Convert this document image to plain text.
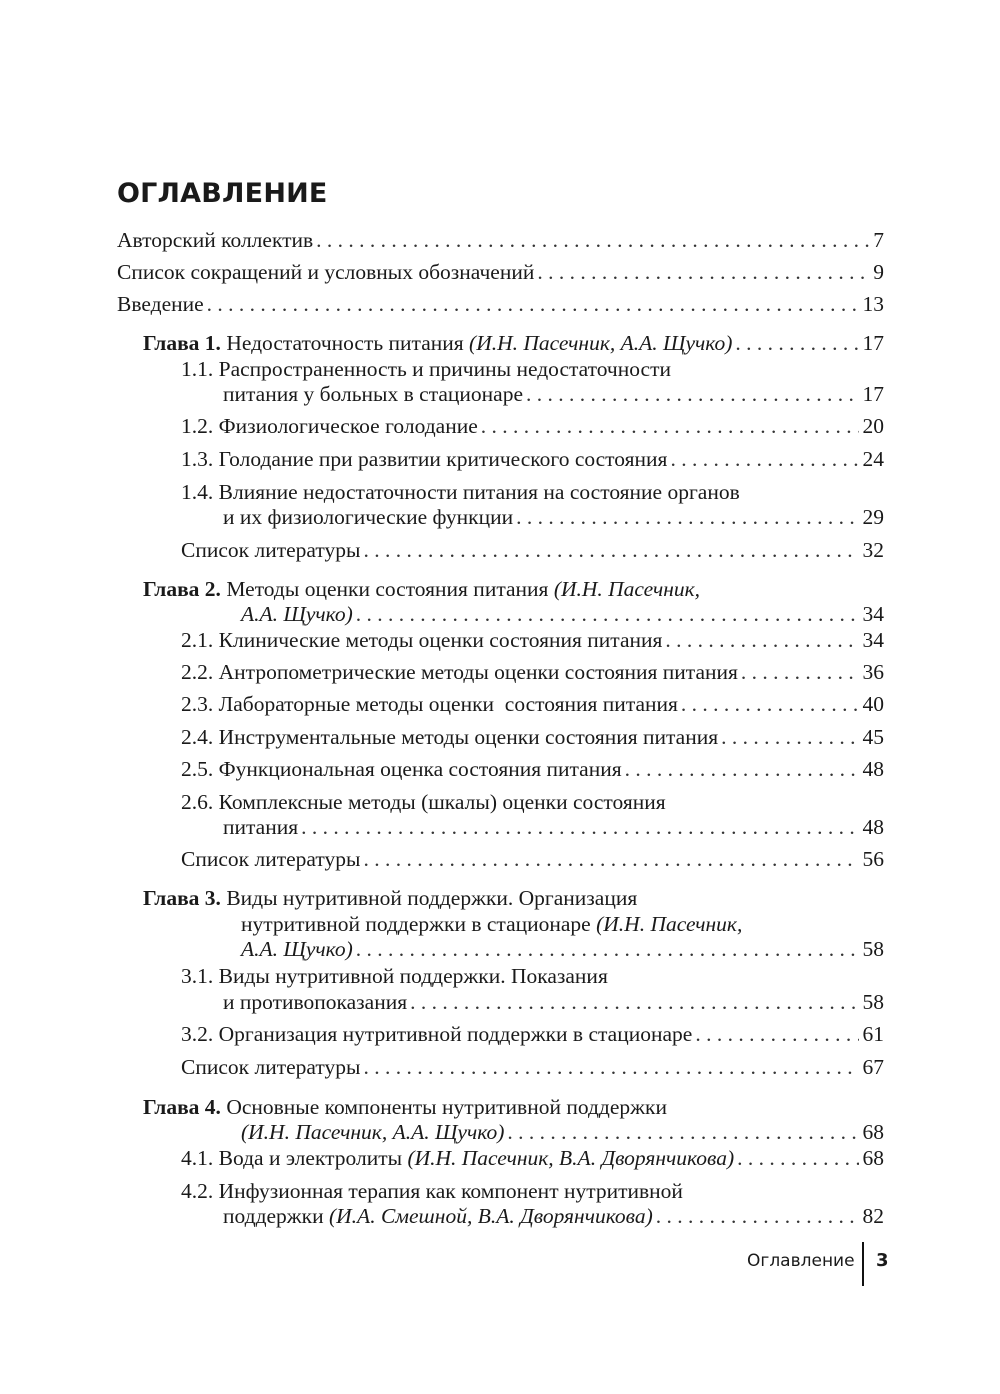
ОГЛАВЛЕНИЕ
Авторский коллектив . . .	7
Список сокращений и условных обозначений . . .	9
Введение . . .	13
Глава 1. Недостаточность питания (И.Н. Пасечник, А.А. Щучко) . . .	17
1.1. Распространенность и причины недостаточности
питания у больных в стационаре . . .	17
1.2. Физиологическое голодание . . .	20
1.3. Голодание при развитии критического состояния . . .	24
1.4. Влияние недостаточности питания на состояние органов
и их физиологические функции . . .	29
Список литературы . . .	32
Глава 2. Методы оценки состояния питания (И.Н. Пасечник,
А.А. Щучко) . . .	34
2.1. Клинические методы оценки состояния питания . . .	34
2.2. Антропометрические методы оценки состояния питания . . .	36
2.3. Лабораторные методы оценки  состояния питания . . .	40
2.4. Инструментальные методы оценки состояния питания . . .	45
2.5. Функциональная оценка состояния питания . . .	48
2.6. Комплексные методы (шкалы) оценки состояния
питания . . .	48
Список литературы . . .	56
Глава 3. Виды нутритивной поддержки. Организация
нутритивной поддержки в стационаре (И.Н. Пасечник,
А.А. Щучко) . . .	58
3.1. Виды нутритивной поддержки. Показания
и противопоказания . . .	58
3.2. Организация нутритивной поддержки в стационаре . . .	61
Список литературы . . .	67
Глава 4. Основные компоненты нутритивной поддержки
(И.Н. Пасечник, А.А. Щучко) . . .	68
4.1. Вода и электролиты (И.Н. Пасечник, В.А. Дворянчикова) . . .	68
4.2. Инфузионная терапия как компонент нутритивной
поддержки (И.А. Смешной, В.А. Дворянчикова) . . .	82
Оглавление 3
